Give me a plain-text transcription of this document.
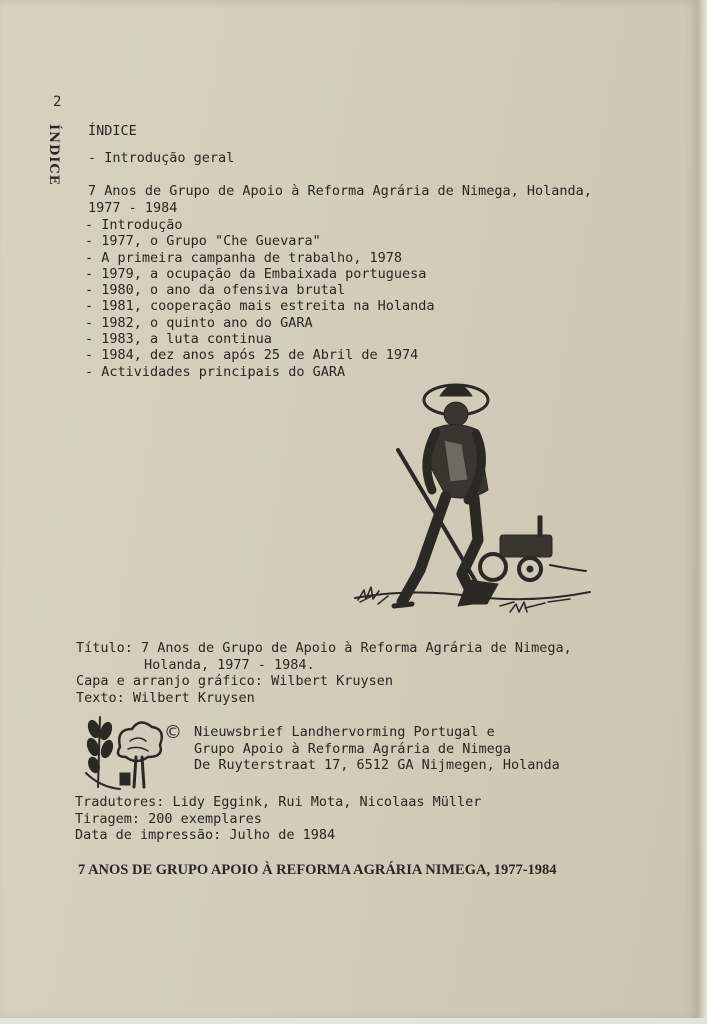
2
ÍNDICE ÍNDICE
- Introdução geral
7 Anos de Grupo de Apoio à Reforma Agrária de Nimega, Holanda,
1977 - 1984
- Introdução
- 1977, o Grupo "Che Guevara"
- A primeira campanha de trabalho, 1978
- 1979, a ocupação da Embaixada portuguesa
- 1980, o ano da ofensiva brutal
- 1981, cooperação mais estreita na Holanda
- 1982, o quinto ano do GARA
- 1983, a luta continua
- 1984, dez anos após 25 de Abril de 1974
- Actividades principais do GARA
Título: 7 Anos de Grupo de Apoio à Reforma Agrária de Nimega,
Holanda, 1977 - 1984.
Capa e arranjo gráfico: Wilbert Kruysen
Texto: Wilbert Kruysen
© Nieuwsbrief Landhervorming Portugal e
Grupo Apoio à Reforma Agrária de Nimega
De Ruyterstraat 17, 6512 GA Nijmegen, Holanda
Tradutores: Lidy Eggink, Rui Mota, Nicolaas Müller
Tiragem: 200 exemplares
Data de impressão: Julho de 1984
7 ANOS DE GRUPO APOIO À REFORMA AGRÁRIA NIMEGA, 1977-1984
